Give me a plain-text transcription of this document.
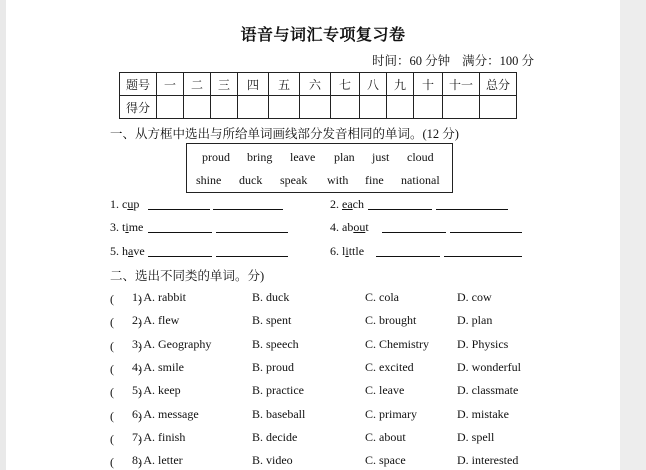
语音与词汇专项复习卷
时间：60 分钟 满分：100 分
题号	一	二	三	四	五	六	七	八	九	十	十一	总分
得分												
一、从方框中选出与所给单词画线部分发音相同的单词。(12 分)
proud bring leave plan just cloud
shine duck speak with fine national
1. cup	2. each
3. time	4. about
5. have	6. little
二、选出不同类的单词。分)
(　　)
1. A. rabbit	B. duck	C. cola	D. cow
(　　)
2. A. flew	B. spent	C. brought	D. plan
(　　)
3. A. Geography	B. speech	C. Chemistry D. Physics
(　　)
4. A. smile	B. proud	C. excited	D. wonderful
(　　)
5. A. keep	B. practice	C. leave	D. classmate
(　　)
6. A. message	B. baseball	C. primary	D. mistake
(　　)
7. A. finish	B. decide	C. about	D. spell
(　　)
8. A. letter	B. video	C. space	D. interested
